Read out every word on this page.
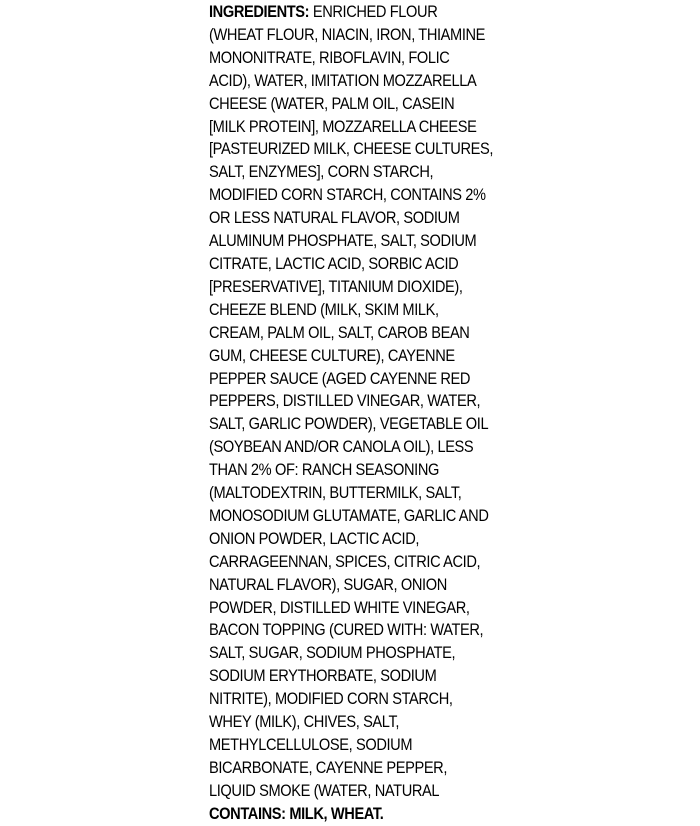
INGREDIENTS: ENRICHED FLOUR
(WHEAT FLOUR, NIACIN, IRON, THIAMINE
MONONITRATE, RIBOFLAVIN, FOLIC
ACID), WATER, IMITATION MOZZARELLA
CHEESE (WATER, PALM OIL, CASEIN
[MILK PROTEIN], MOZZARELLA CHEESE
[PASTEURIZED MILK, CHEESE CULTURES,
SALT, ENZYMES], CORN STARCH,
MODIFIED CORN STARCH, CONTAINS 2%
OR LESS NATURAL FLAVOR, SODIUM
ALUMINUM PHOSPHATE, SALT, SODIUM
CITRATE, LACTIC ACID, SORBIC ACID
[PRESERVATIVE], TITANIUM DIOXIDE),
CHEEZE BLEND (MILK, SKIM MILK,
CREAM, PALM OIL, SALT, CAROB BEAN
GUM, CHEESE CULTURE), CAYENNE
PEPPER SAUCE (AGED CAYENNE RED
PEPPERS, DISTILLED VINEGAR, WATER,
SALT, GARLIC POWDER), VEGETABLE OIL
(SOYBEAN AND/OR CANOLA OIL), LESS
THAN 2% OF: RANCH SEASONING
(MALTODEXTRIN, BUTTERMILK, SALT,
MONOSODIUM GLUTAMATE, GARLIC AND
ONION POWDER, LACTIC ACID,
CARRAGEENNAN, SPICES, CITRIC ACID,
NATURAL FLAVOR), SUGAR, ONION
POWDER, DISTILLED WHITE VINEGAR,
BACON TOPPING (CURED WITH: WATER,
SALT, SUGAR, SODIUM PHOSPHATE,
SODIUM ERYTHORBATE, SODIUM
NITRITE), MODIFIED CORN STARCH,
WHEY (MILK), CHIVES, SALT,
METHYLCELLULOSE, SODIUM
BICARBONATE, CAYENNE PEPPER,
LIQUID SMOKE (WATER, NATURAL
CONTAINS: MILK, WHEAT.
